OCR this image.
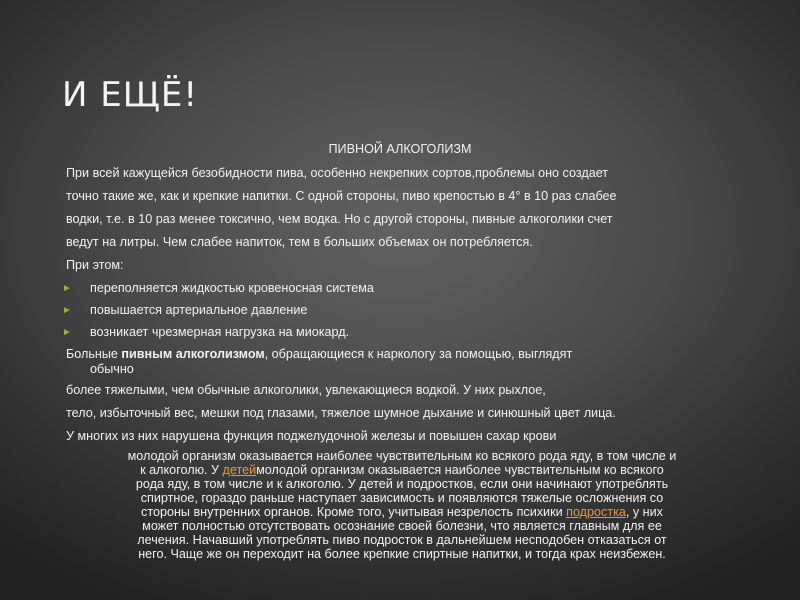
И ЕЩЁ!
ПИВНОЙ АЛКОГОЛИЗМ
При всей кажущейся безобидности пива, особенно некрепких сортов,проблемы оно создает
точно такие же, как и крепкие напитки. С одной стороны, пиво крепостью в 4° в 10 раз слабее
водки, т.е. в 10 раз менее токсично, чем водка. Но с другой стороны, пивные алкоголики счет
ведут на литры. Чем слабее напиток, тем в больших объемах он потребляется.
При этом:
► переполняется жидкостью кровеносная система
► повышается артериальное давление
► возникает чрезмерная нагрузка на миокард.
Больные пивным алкоголизмом, обращающиеся к наркологу за помощью, выглядят
обычно
более тяжелыми, чем обычные алкоголики, увлекающиеся водкой. У них рыхлое,
тело, избыточный вес, мешки под глазами, тяжелое шумное дыхание и синюшный цвет лица.
У многих из них нарушена функция поджелудочной железы и повышен сахар крови
молодой организм оказывается наиболее чувствительным ко всякого рода яду, в том числе и
к алкоголю. У детеймолодой организм оказывается наиболее чувствительным ко всякого
рода яду, в том числе и к алкоголю. У детей и подростков, если они начинают употреблять
спиртное, гораздо раньше наступает зависимость и появляются тяжелые осложнения со
стороны внутренних органов. Кроме того, учитывая незрелость психики подростка, у них
может полностью отсутствовать осознание своей болезни, что является главным для ее
лечения. Начавший употреблять пиво подросток в дальнейшем несподобен отказаться от
него. Чаще же он переходит на более крепкие спиртные напитки, и тогда крах неизбежен.
